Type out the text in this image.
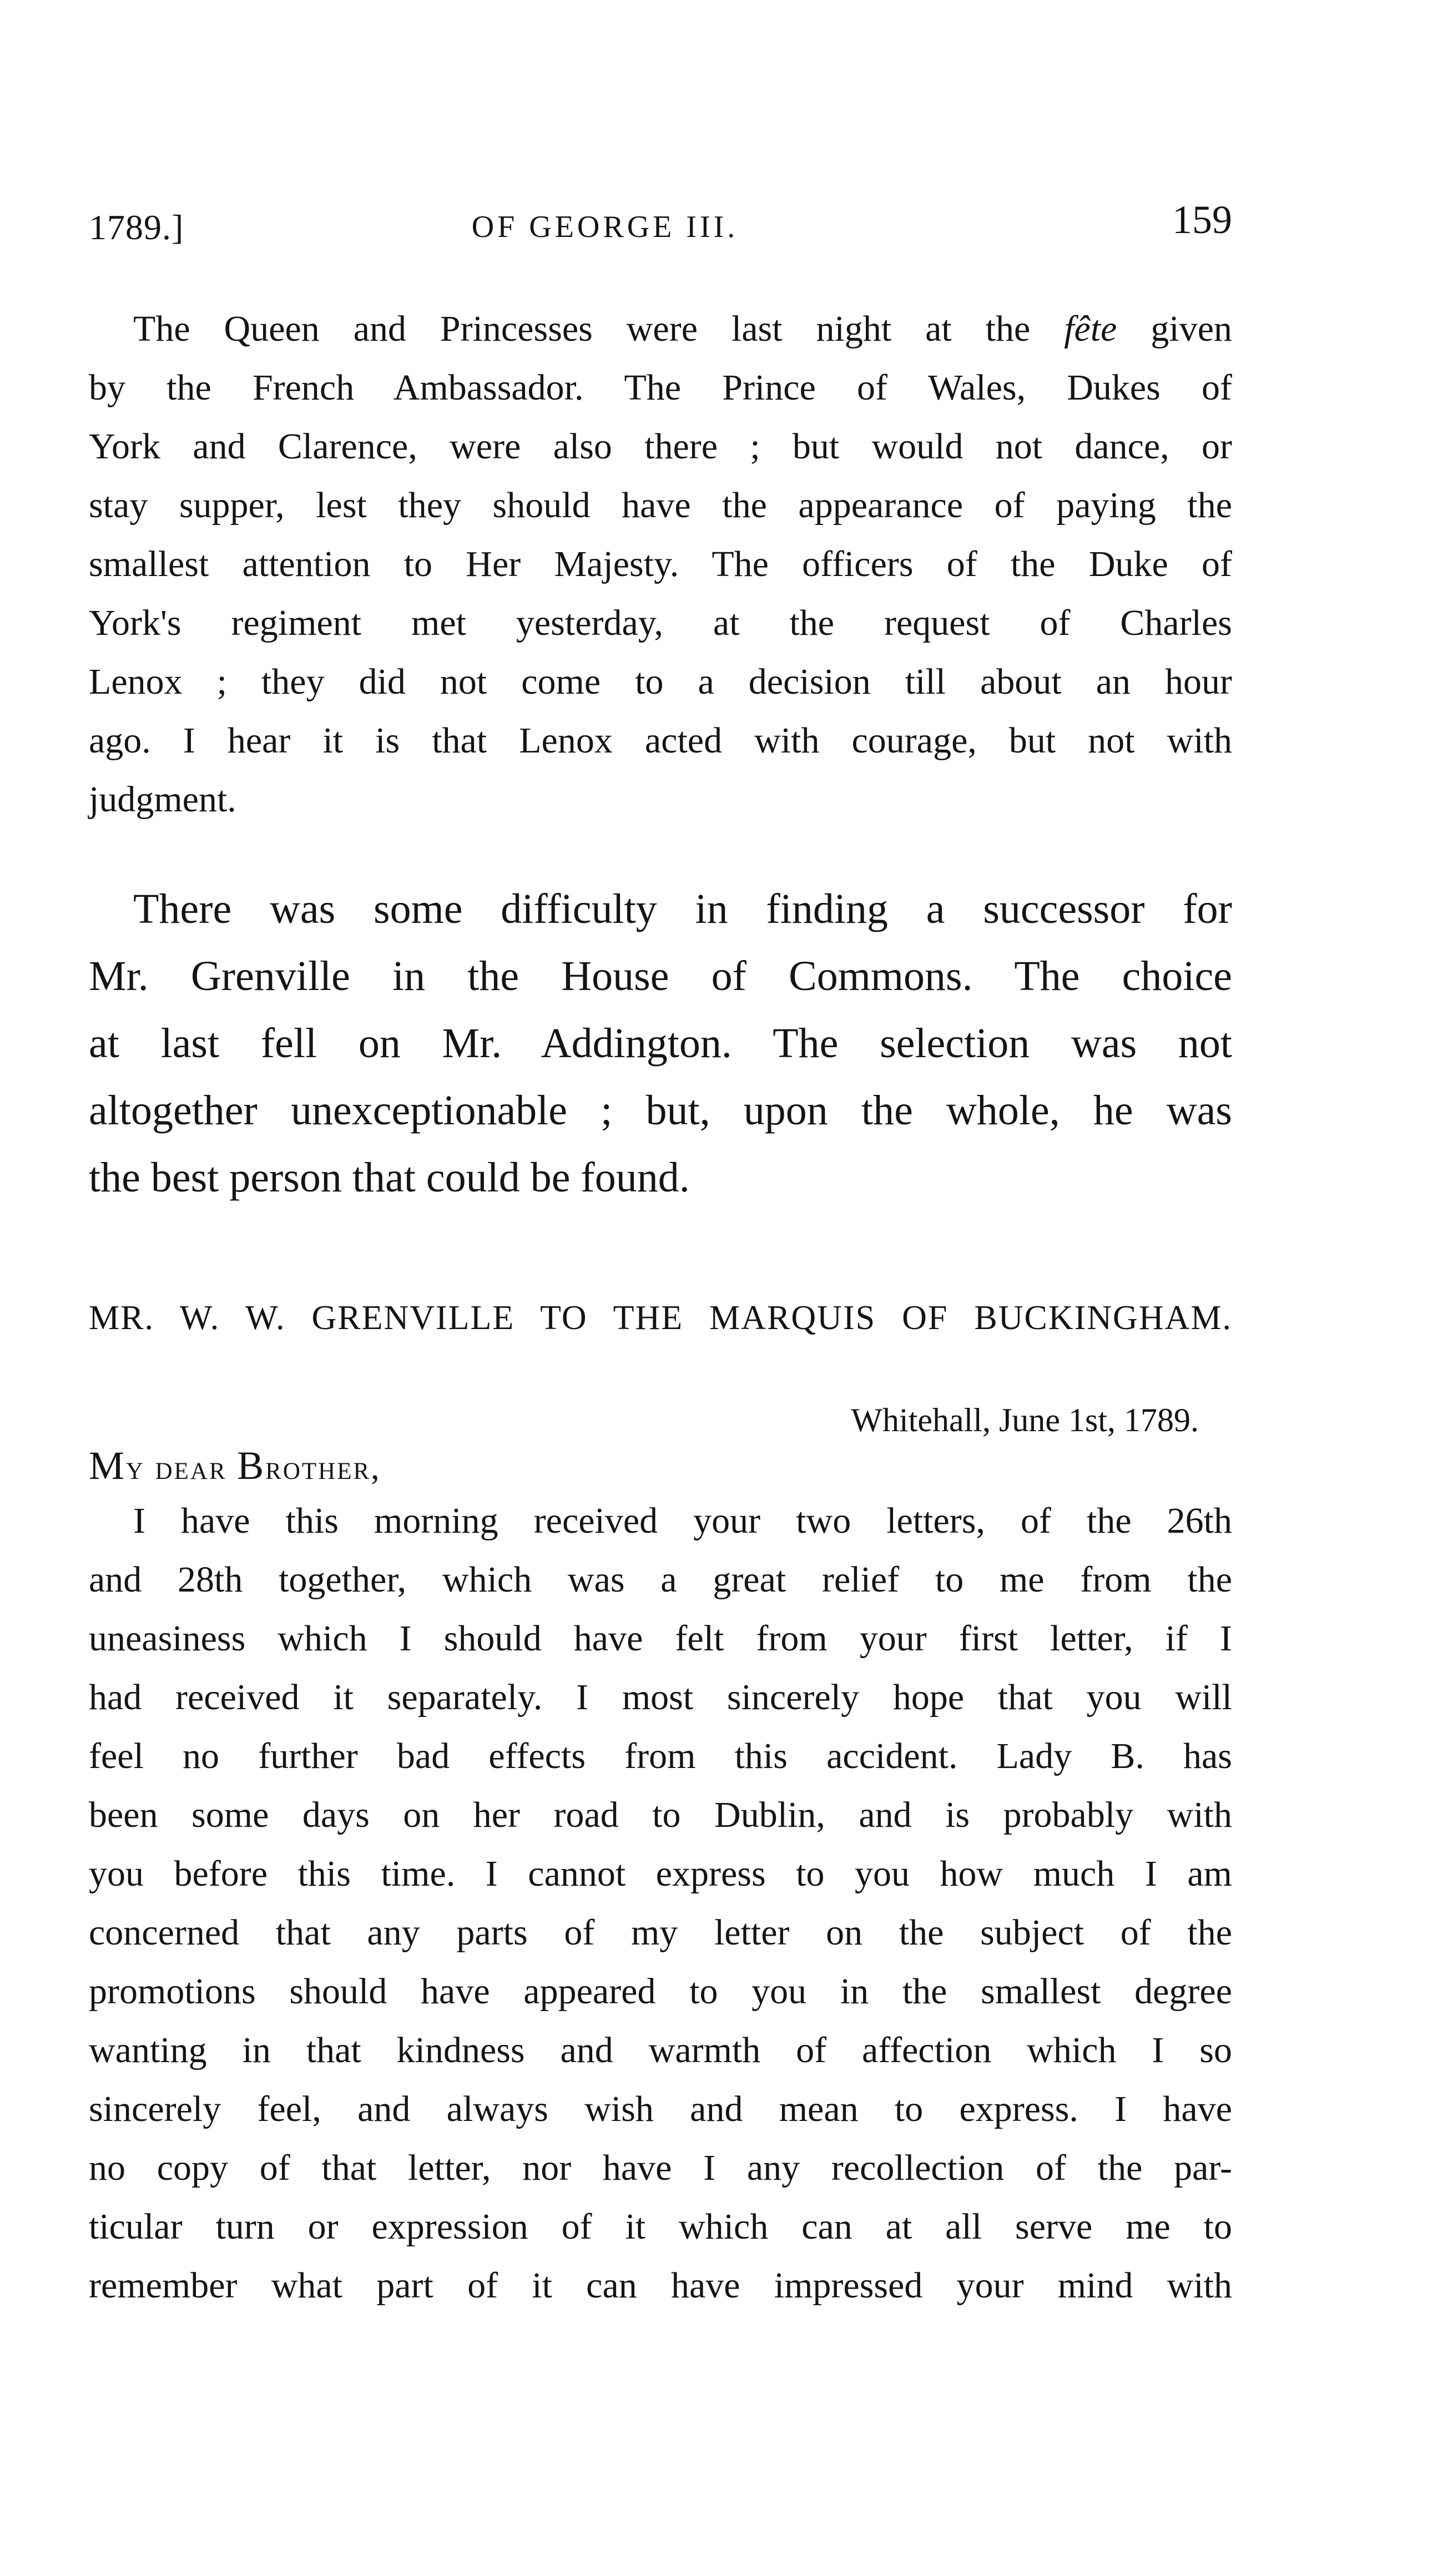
1789.]	OF GEORGE III.	159
The Queen and Princesses were last night at the fête given
by the French Ambassador. The Prince of Wales, Dukes of
York and Clarence, were also there ; but would not dance, or
stay supper, lest they should have the appearance of paying the
smallest attention to Her Majesty. The officers of the Duke of
York's regiment met yesterday, at the request of Charles
Lenox ; they did not come to a decision till about an hour
ago. I hear it is that Lenox acted with courage, but not with
judgment.
There was some difficulty in finding a successor for
Mr. Grenville in the House of Commons. The choice
at last fell on Mr. Addington. The selection was not
altogether unexceptionable ; but, upon the whole, he was
the best person that could be found.
MR. W. W. GRENVILLE TO THE MARQUIS OF BUCKINGHAM.
Whitehall, June 1st, 1789.
My dear Brother,
I have this morning received your two letters, of the 26th
and 28th together, which was a great relief to me from the
uneasiness which I should have felt from your first letter, if I
had received it separately. I most sincerely hope that you will
feel no further bad effects from this accident. Lady B. has
been some days on her road to Dublin, and is probably with
you before this time. I cannot express to you how much I am
concerned that any parts of my letter on the subject of the
promotions should have appeared to you in the smallest degree
wanting in that kindness and warmth of affection which I so
sincerely feel, and always wish and mean to express. I have
no copy of that letter, nor have I any recollection of the par-
ticular turn or expression of it which can at all serve me to
remember what part of it can have impressed your mind with
